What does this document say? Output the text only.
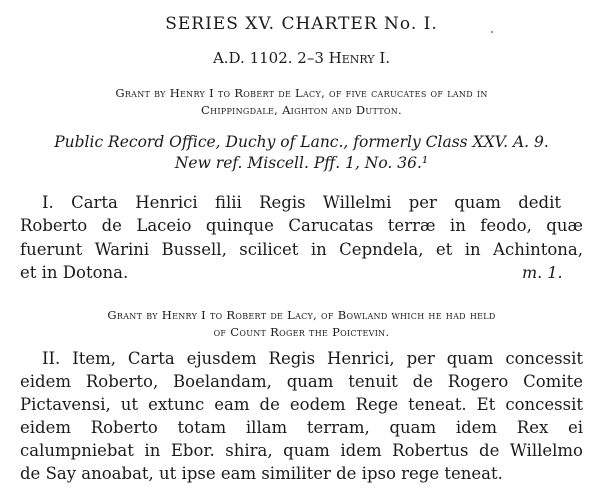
SERIES XV. CHARTER No. I.
A.D. 1102. 2–3 Henry I.
Grant by Henry I to Robert de Lacy, of five carucates of land in
Chippingdale, Aighton and Dutton.
Public Record Office, Duchy of Lanc., formerly Class XXV. A. 9.
New ref. Miscell. Pff. 1, No. 36.¹
I. Carta Henrici filii Regis Willelmi per quam dedit
Roberto de Laceio quinque Carucatas terræ in feodo, quæ
fuerunt Warini Bussell, scilicet in Cepndela, et in Achintona,
et in Dotona.	m. 1.
Grant by Henry I to Robert de Lacy, of Bowland which he had held
of Count Roger the Poictevin.
II. Item, Carta ejusdem Regis Henrici, per quam concessit
eidem Roberto, Boelandam, quam tenuit de Rogero Comite
Pictavensi, ut extunc eam de eodem Rege teneat. Et concessit
eidem Roberto totam illam terram, quam idem Rex ei
calumpniebat in Ebor. shira, quam idem Robertus de Willelmo
de Say anoabat, ut ipse eam similiter de ipso rege teneat.
